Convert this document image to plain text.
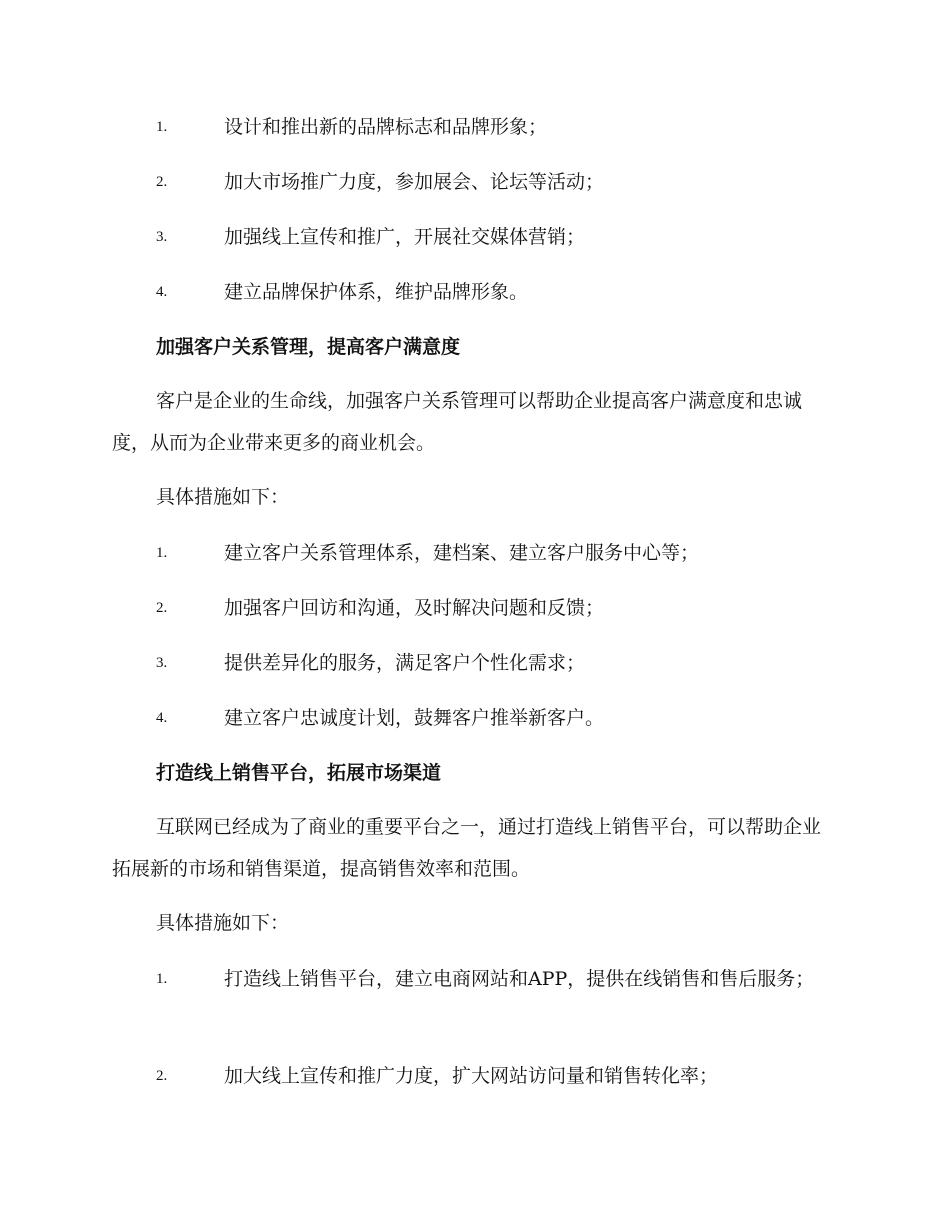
1.	设计和推出新的品牌标志和品牌形象；
2.	加大市场推广力度，参加展会、论坛等活动；
3.	加强线上宣传和推广，开展社交媒体营销；
4.	建立品牌保护体系，维护品牌形象。
加强客户关系管理，提高客户满意度
客户是企业的生命线，加强客户关系管理可以帮助企业提高客户满意度和忠诚度，从而为企业带来更多的商业机会。
具体措施如下：
1.	建立客户关系管理体系，建档案、建立客户服务中心等；
2.	加强客户回访和沟通，及时解决问题和反馈；
3.	提供差异化的服务，满足客户个性化需求；
4.	建立客户忠诚度计划，鼓舞客户推举新客户。
打造线上销售平台，拓展市场渠道
互联网已经成为了商业的重要平台之一，通过打造线上销售平台，可以帮助企业拓展新的市场和销售渠道，提高销售效率和范围。
具体措施如下：
1.	打造线上销售平台，建立电商网站和APP，提供在线销售和售后服务；
2.	加大线上宣传和推广力度，扩大网站访问量和销售转化率；
